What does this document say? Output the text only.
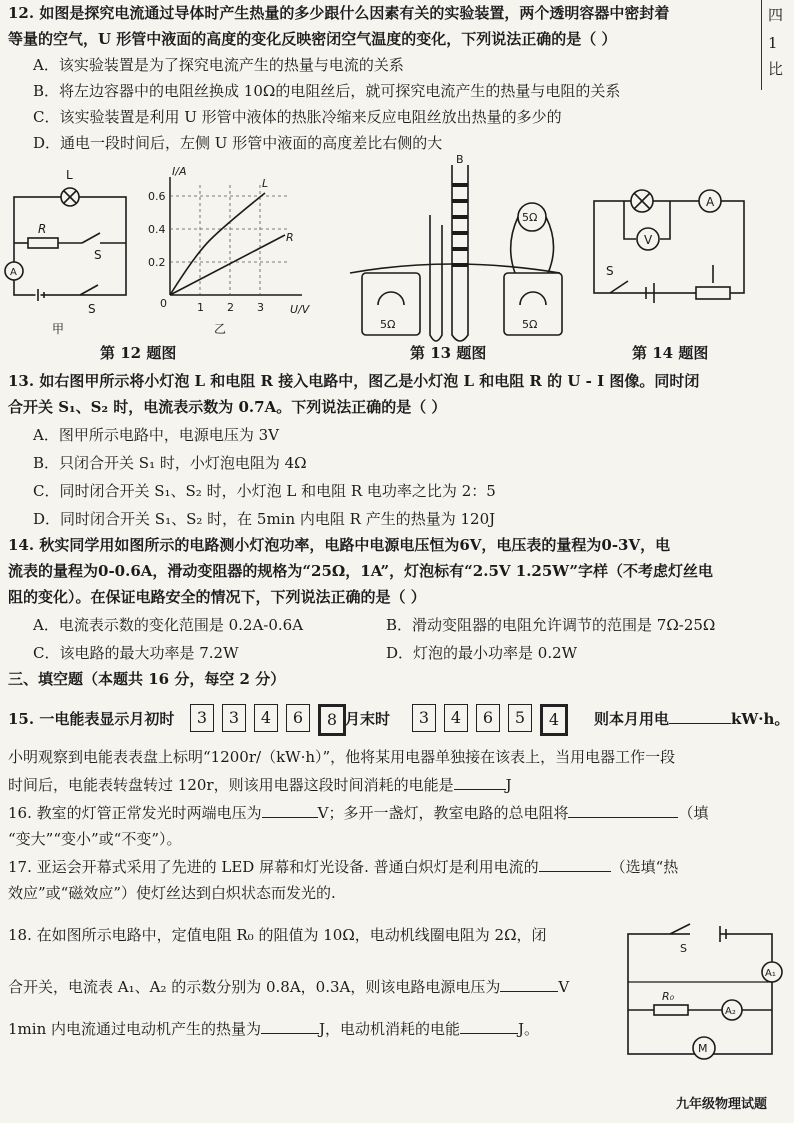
四
1
比
12. 如图是探究电流通过导体时产生热量的多少跟什么因素有关的实验装置，两个透明容器中密封着
等量的空气，U 形管中液面的高度的变化反映密闭空气温度的变化，下列说法正确的是（ ）
A．该实验装置是为了探究电流产生的热量与电流的关系
B．将左边容器中的电阻丝换成 10Ω的电阻丝后，就可探究电流产生的热量与电阻的关系
C．该实验装置是利用 U 形管中液体的热胀冷缩来反应电阻丝放出热量的多少的
D．通电一段时间后，左侧 U 形管中液面的高度差比右侧的大
L
R
S
A
S
甲
I/A
U/V
0.6
0.4
0.2
0	1 2 3
L
R
乙
B
5Ω
5Ω	5Ω
A
V
S
第 12 题图	第 13 题图	第 14 题图
13. 如右图甲所示将小灯泡 L 和电阻 R 接入电路中，图乙是小灯泡 L 和电阻 R 的 U - I 图像。同时闭
合开关 S₁、S₂ 时，电流表示数为 0.7A。下列说法正确的是（ ）
A．图甲所示电路中，电源电压为 3V
B．只闭合开关 S₁ 时，小灯泡电阻为 4Ω
C．同时闭合开关 S₁、S₂ 时，小灯泡 L 和电阻 R 电功率之比为 2：5
D．同时闭合开关 S₁、S₂ 时，在 5min 内电阻 R 产生的热量为 120J
14. 秋实同学用如图所示的电路测小灯泡功率，电路中电源电压恒为6V，电压表的量程为0-3V，电
流表的量程为0-0.6A，滑动变阻器的规格为“25Ω，1A”，灯泡标有“2.5V 1.25W”字样（不考虑灯丝电
阻的变化）。在保证电路安全的情况下，下列说法正确的是（ ）
A．电流表示数的变化范围是 0.2A-0.6A	B．滑动变阻器的电阻允许调节的范围是 7Ω-25Ω
C．该电路的最大功率是 7.2W	D．灯泡的最小功率是 0.2W
三、填空题（本题共 16 分，每空 2 分）
15. 一电能表显示月初时	3	3	4	6	8 月末时	3	4	6	5	4	则本月用电	kW·h。
小明观察到电能表表盘上标明“1200r/（kW·h）”，他将某用电器单独接在该表上，当用电器工作一段
时间后，电能表转盘转过 120r，则该用电器这段时间消耗的电能是	J
16. 教室的灯管正常发光时两端电压为	V；多开一盏灯，教室电路的总电阻将	（填
“变大”“变小”或“不变”）。
17. 亚运会开幕式采用了先进的 LED 屏幕和灯光设备. 普通白炽灯是利用电流的	（选填“热
效应”或“磁效应”）使灯丝达到白炽状态而发光的.
18. 在如图所示电路中，定值电阻 R₀ 的阻值为 10Ω，电动机线圈电阻为 2Ω，闭
合开关，电流表 A₁、A₂ 的示数分别为 0.8A，0.3A，则该电路电源电压为	V
1min 内电流通过电动机产生的热量为	J，电动机消耗的电能	J。
S
A₁
A₂
R₀
M
九年级物理试题
